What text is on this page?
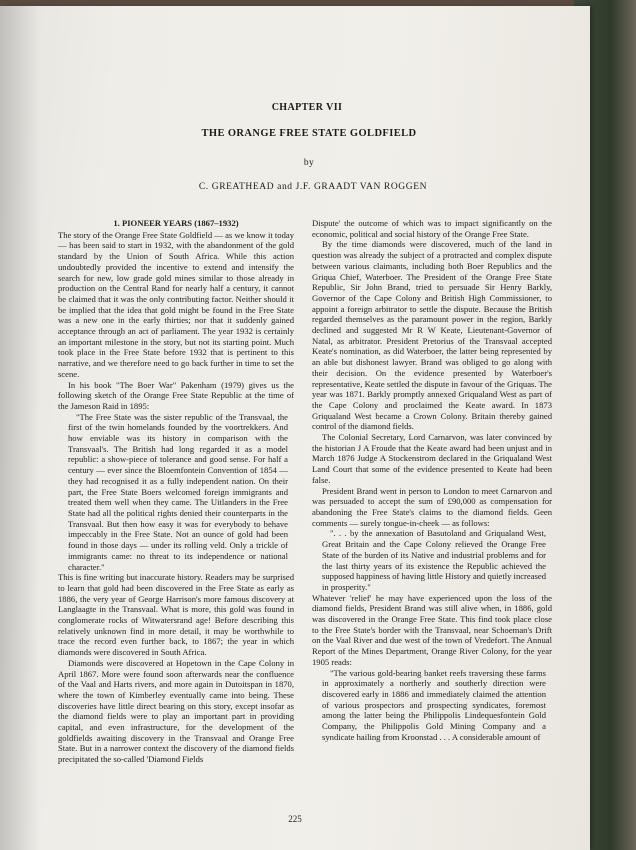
CHAPTER VII
THE ORANGE FREE STATE GOLDFIELD
by
C. GREATHEAD and J.F. GRAADT VAN ROGGEN

1. PIONEER YEARS (1867–1932)

The story of the Orange Free State Goldfield — as we know it today — has been said to start in 1932, with the abandonment of the gold standard by the Union of South Africa. While this action undoubtedly provided the incentive to extend and intensify the search for new, low grade gold mines similar to those already in production on the Central Rand for nearly half a century, it cannot be claimed that it was the only contributing factor. Neither should it be implied that the idea that gold might be found in the Free State was a new one in the early thirties; nor that it suddenly gained acceptance through an act of parliament. The year 1932 is certainly an important milestone in the story, but not its starting point. Much took place in the Free State before 1932 that is pertinent to this narrative, and we therefore need to go back further in time to set the scene.

In his book "The Boer War" Pakenham (1979) gives us the following sketch of the Orange Free State Republic at the time of the Jameson Raid in 1895:

"The Free State was the sister republic of the Transvaal, the first of the twin homelands founded by the voortrekkers. And how enviable was its history in comparison with the Transvaal's. The British had long regarded it as a model republic: a show-piece of tolerance and good sense. For half a century — ever since the Bloemfontein Convention of 1854 — they had recognised it as a fully independent nation. On their part, the Free State Boers welcomed foreign immigrants and treated them well when they came. The Uitlanders in the Free State had all the political rights denied their counterparts in the Transvaal. But then how easy it was for everybody to behave impeccably in the Free State. Not an ounce of gold had been found in those days — under its rolling veld. Only a trickle of immigrants came: no threat to its independence or national character."

This is fine writing but inaccurate history. Readers may be surprised to learn that gold had been discovered in the Free State as early as 1886, the very year of George Harrison's more famous discovery at Langlaagte in the Transvaal. What is more, this gold was found in conglomerate rocks of Witwatersrand age! Before describing this relatively unknown find in more detail, it may be worthwhile to trace the record even further back, to 1867; the year in which diamonds were discovered in South Africa.

Diamonds were discovered at Hopetown in the Cape Colony in April 1867. More were found soon afterwards near the confluence of the Vaal and Harts rivers, and more again in Dutoitspan in 1870, where the town of Kimberley eventually came into being. These discoveries have little direct bearing on this story, except insofar as the diamond fields were to play an important part in providing capital, and even infrastructure, for the development of the goldfields awaiting discovery in the Transvaal and Orange Free State. But in a narrower context the discovery of the diamond fields precipitated the so-called 'Diamond Fields

Dispute' the outcome of which was to impact significantly on the economic, political and social history of the Orange Free State.

By the time diamonds were discovered, much of the land in question was already the subject of a protracted and complex dispute between various claimants, including both Boer Republics and the Griqua Chief, Waterboer. The President of the Orange Free State Republic, Sir John Brand, tried to persuade Sir Henry Barkly, Governor of the Cape Colony and British High Commissioner, to appoint a foreign arbitrator to settle the dispute. Because the British regarded themselves as the paramount power in the region, Barkly declined and suggested Mr R W Keate, Lieutenant-Governor of Natal, as arbitrator. President Pretorius of the Transvaal accepted Keate's nomination, as did Waterboer, the latter being represented by an able but dishonest lawyer. Brand was obliged to go along with their decision. On the evidence presented by Waterboer's representative, Keate settled the dispute in favour of the Griquas. The year was 1871. Barkly promptly annexed Griqualand West as part of the Cape Colony and proclaimed the Keate award. In 1873 Griqualand West became a Crown Colony. Britain thereby gained control of the diamond fields.

The Colonial Secretary, Lord Carnarvon, was later convinced by the historian J A Froude that the Keate award had been unjust and in March 1876 Judge A Stockenstrom declared in the Griqualand West Land Court that some of the evidence presented to Keate had been false.

President Brand went in person to London to meet Carnarvon and was persuaded to accept the sum of £90,000 as compensation for abandoning the Free State's claims to the diamond fields. Geen comments — surely tongue-in-cheek — as follows:

". . . by the annexation of Basutoland and Griqualand West, Great Britain and the Cape Colony relieved the Orange Free State of the burden of its Native and industrial problems and for the last thirty years of its existence the Republic achieved the supposed happiness of having little History and quietly increased in prosperity."

Whatever 'relief' he may have experienced upon the loss of the diamond fields, President Brand was still alive when, in 1886, gold was discovered in the Orange Free State. This find took place close to the Free State's border with the Transvaal, near Schoeman's Drift on the Vaal River and due west of the town of Vredefort. The Annual Report of the Mines Department, Orange River Colony, for the year 1905 reads:

"The various gold-bearing banket reefs traversing these farms in approximately a northerly and southerly direction were discovered early in 1886 and immediately claimed the attention of various prospectors and prospecting syndicates, foremost among the latter being the Philippolis Lindequesfontein Gold Company, the Philippolis Gold Mining Company and a syndicate hailing from Kroonstad . . . A considerable amount of

225
